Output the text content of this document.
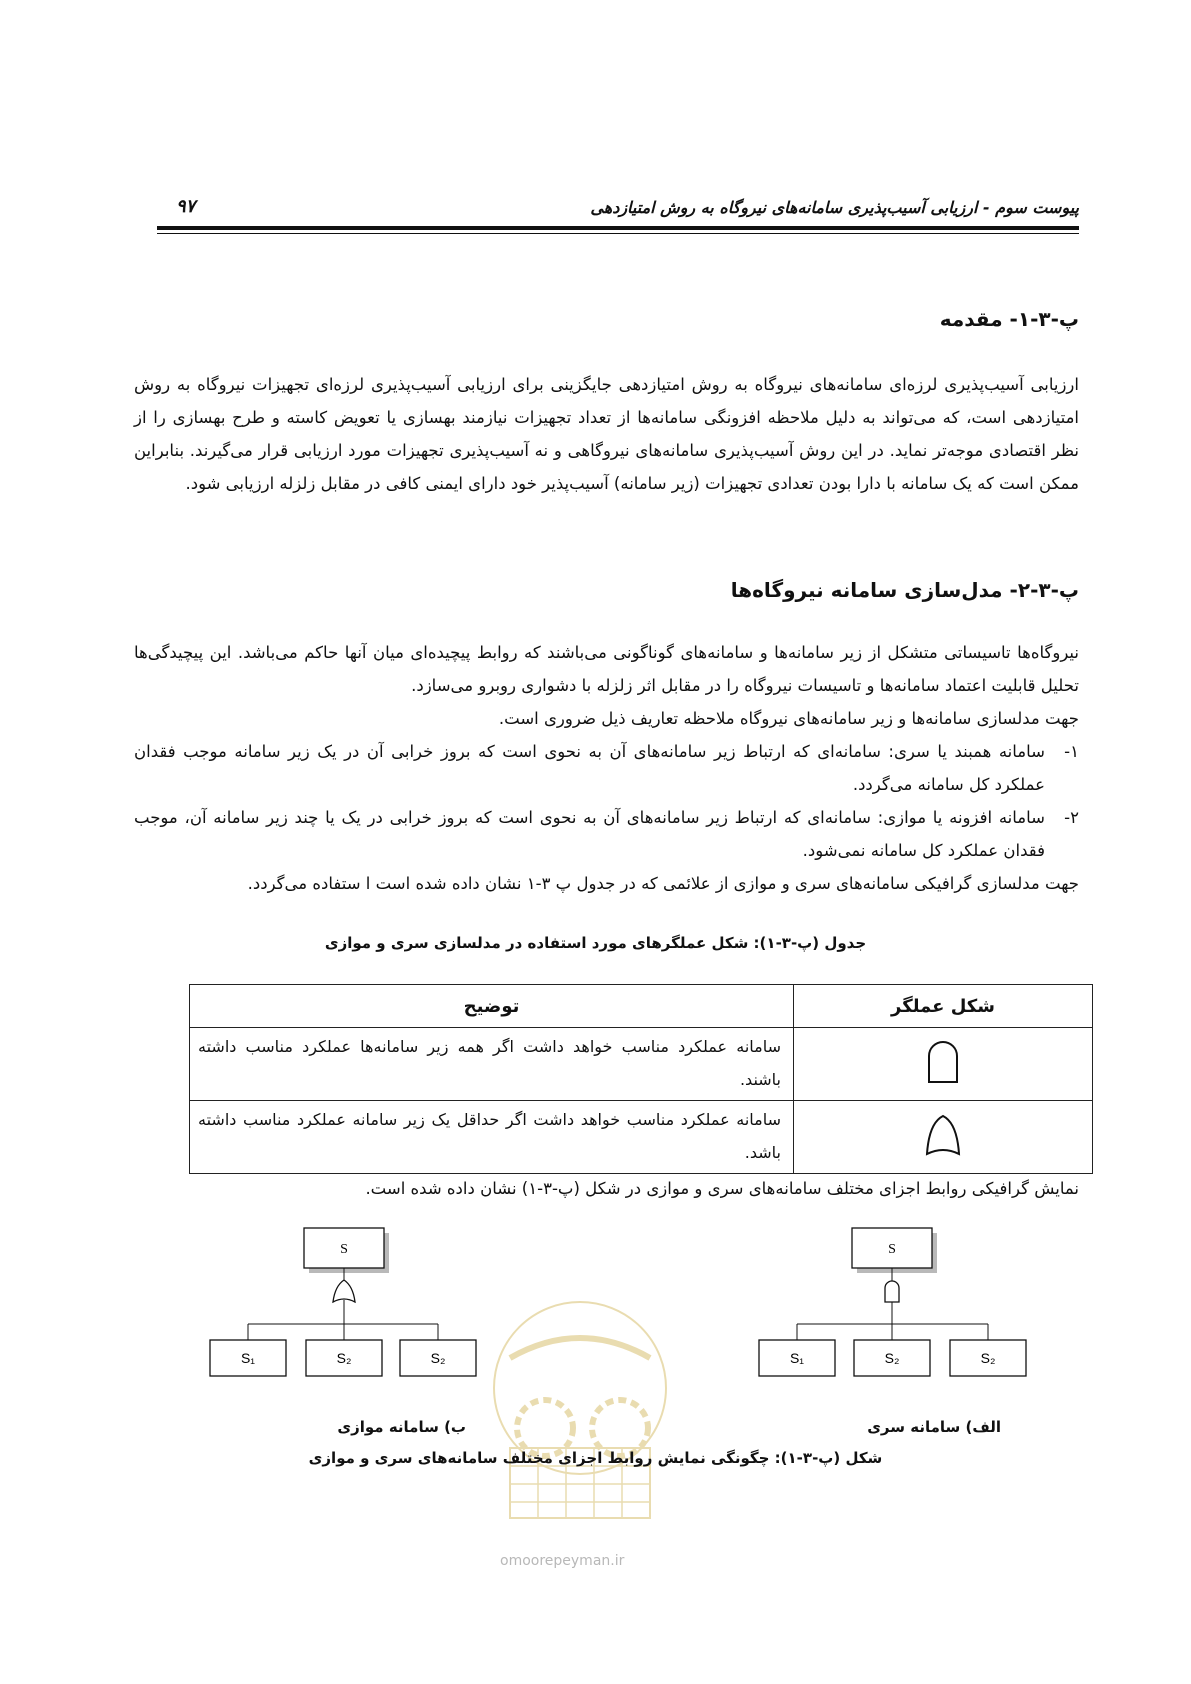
پیوست سوم - ارزیابی آسیب‌پذیری سامانه‌های نیروگاه به روش امتیازدهی
۹۷
پ-۳-۱- مقدمه
ارزیابی آسیب‌پذیری لرزه‌ای سامانه‌های نیروگاه به روش امتیازدهی جایگزینی برای ارزیابی آسیب‌پذیری لرزه‌ای تجهیزات نیروگاه به روش امتیازدهی است، که می‌تواند به دلیل ملاحظه افزونگی سامانه‌ها از تعداد تجهیزات نیازمند بهسازی یا تعویض کاسته و طرح بهسازی را از نظر اقتصادی موجه‌تر نماید. در این روش آسیب‌پذیری سامانه‌های نیروگاهی و نه آسیب‌پذیری تجهیزات مورد ارزیابی قرار می‌گیرند. بنابراین ممکن است که یک سامانه با دارا بودن تعدادی تجهیزات (زیر سامانه) آسیب‌پذیر خود دارای ایمنی کافی در مقابل زلزله ارزیابی شود.
پ-۳-۲- مدل‌سازی سامانه نیروگاه‌ها
نیروگاه‌ها تاسیساتی متشکل از زیر سامانه‌ها و سامانه‌های گوناگونی می‌باشند که روابط پیچیده‌ای میان آنها حاکم می‌باشد. این پیچیدگی‌ها تحلیل قابلیت اعتماد سامانه‌ها و تاسیسات نیروگاه را در مقابل اثر زلزله با دشواری روبرو می‌سازد.
جهت مدلسازی سامانه‌ها و زیر سامانه‌های نیروگاه ملاحظه تعاریف ذیل ضروری است.
۱-
سامانه همبند یا سری: سامانه‌ای که ارتباط زیر سامانه‌های آن به نحوی است که بروز خرابی آن در یک زیر سامانه موجب فقدان عملکرد کل سامانه می‌گردد.
۲-
سامانه افزونه یا موازی: سامانه‌ای که ارتباط زیر سامانه‌های آن به نحوی است که بروز خرابی در یک یا چند زیر سامانه آن، موجب فقدان عملکرد کل سامانه نمی‌شود.
جهت مدلسازی گرافیکی سامانه‌های سری و موازی از علائمی که در جدول پ ۳-۱ نشان داده شده است ا ستفاده می‌گردد.
جدول (پ-۳-۱): شکل عملگرهای مورد استفاده در مدلسازی سری و موازی
شکل عملگر	توضیح
	سامانه عملکرد مناسب خواهد داشت اگر همه زیر سامانه‌ها عملکرد مناسب داشته باشند.
	سامانه عملکرد مناسب خواهد داشت اگر حداقل یک زیر سامانه عملکرد مناسب داشته باشد.
نمایش گرافیکی روابط اجزای مختلف سامانه‌های سری و موازی در شکل (پ-۳-۱) نشان داده شده است.
S
S₁	S₂	S₂
S
S₁	S₂	S₂
omoorepeyman.ir
الف) سامانه سری
ب) سامانه موازی
شکل (پ-۳-۱): چگونگی نمایش روابط اجزای مختلف سامانه‌های سری و موازی
